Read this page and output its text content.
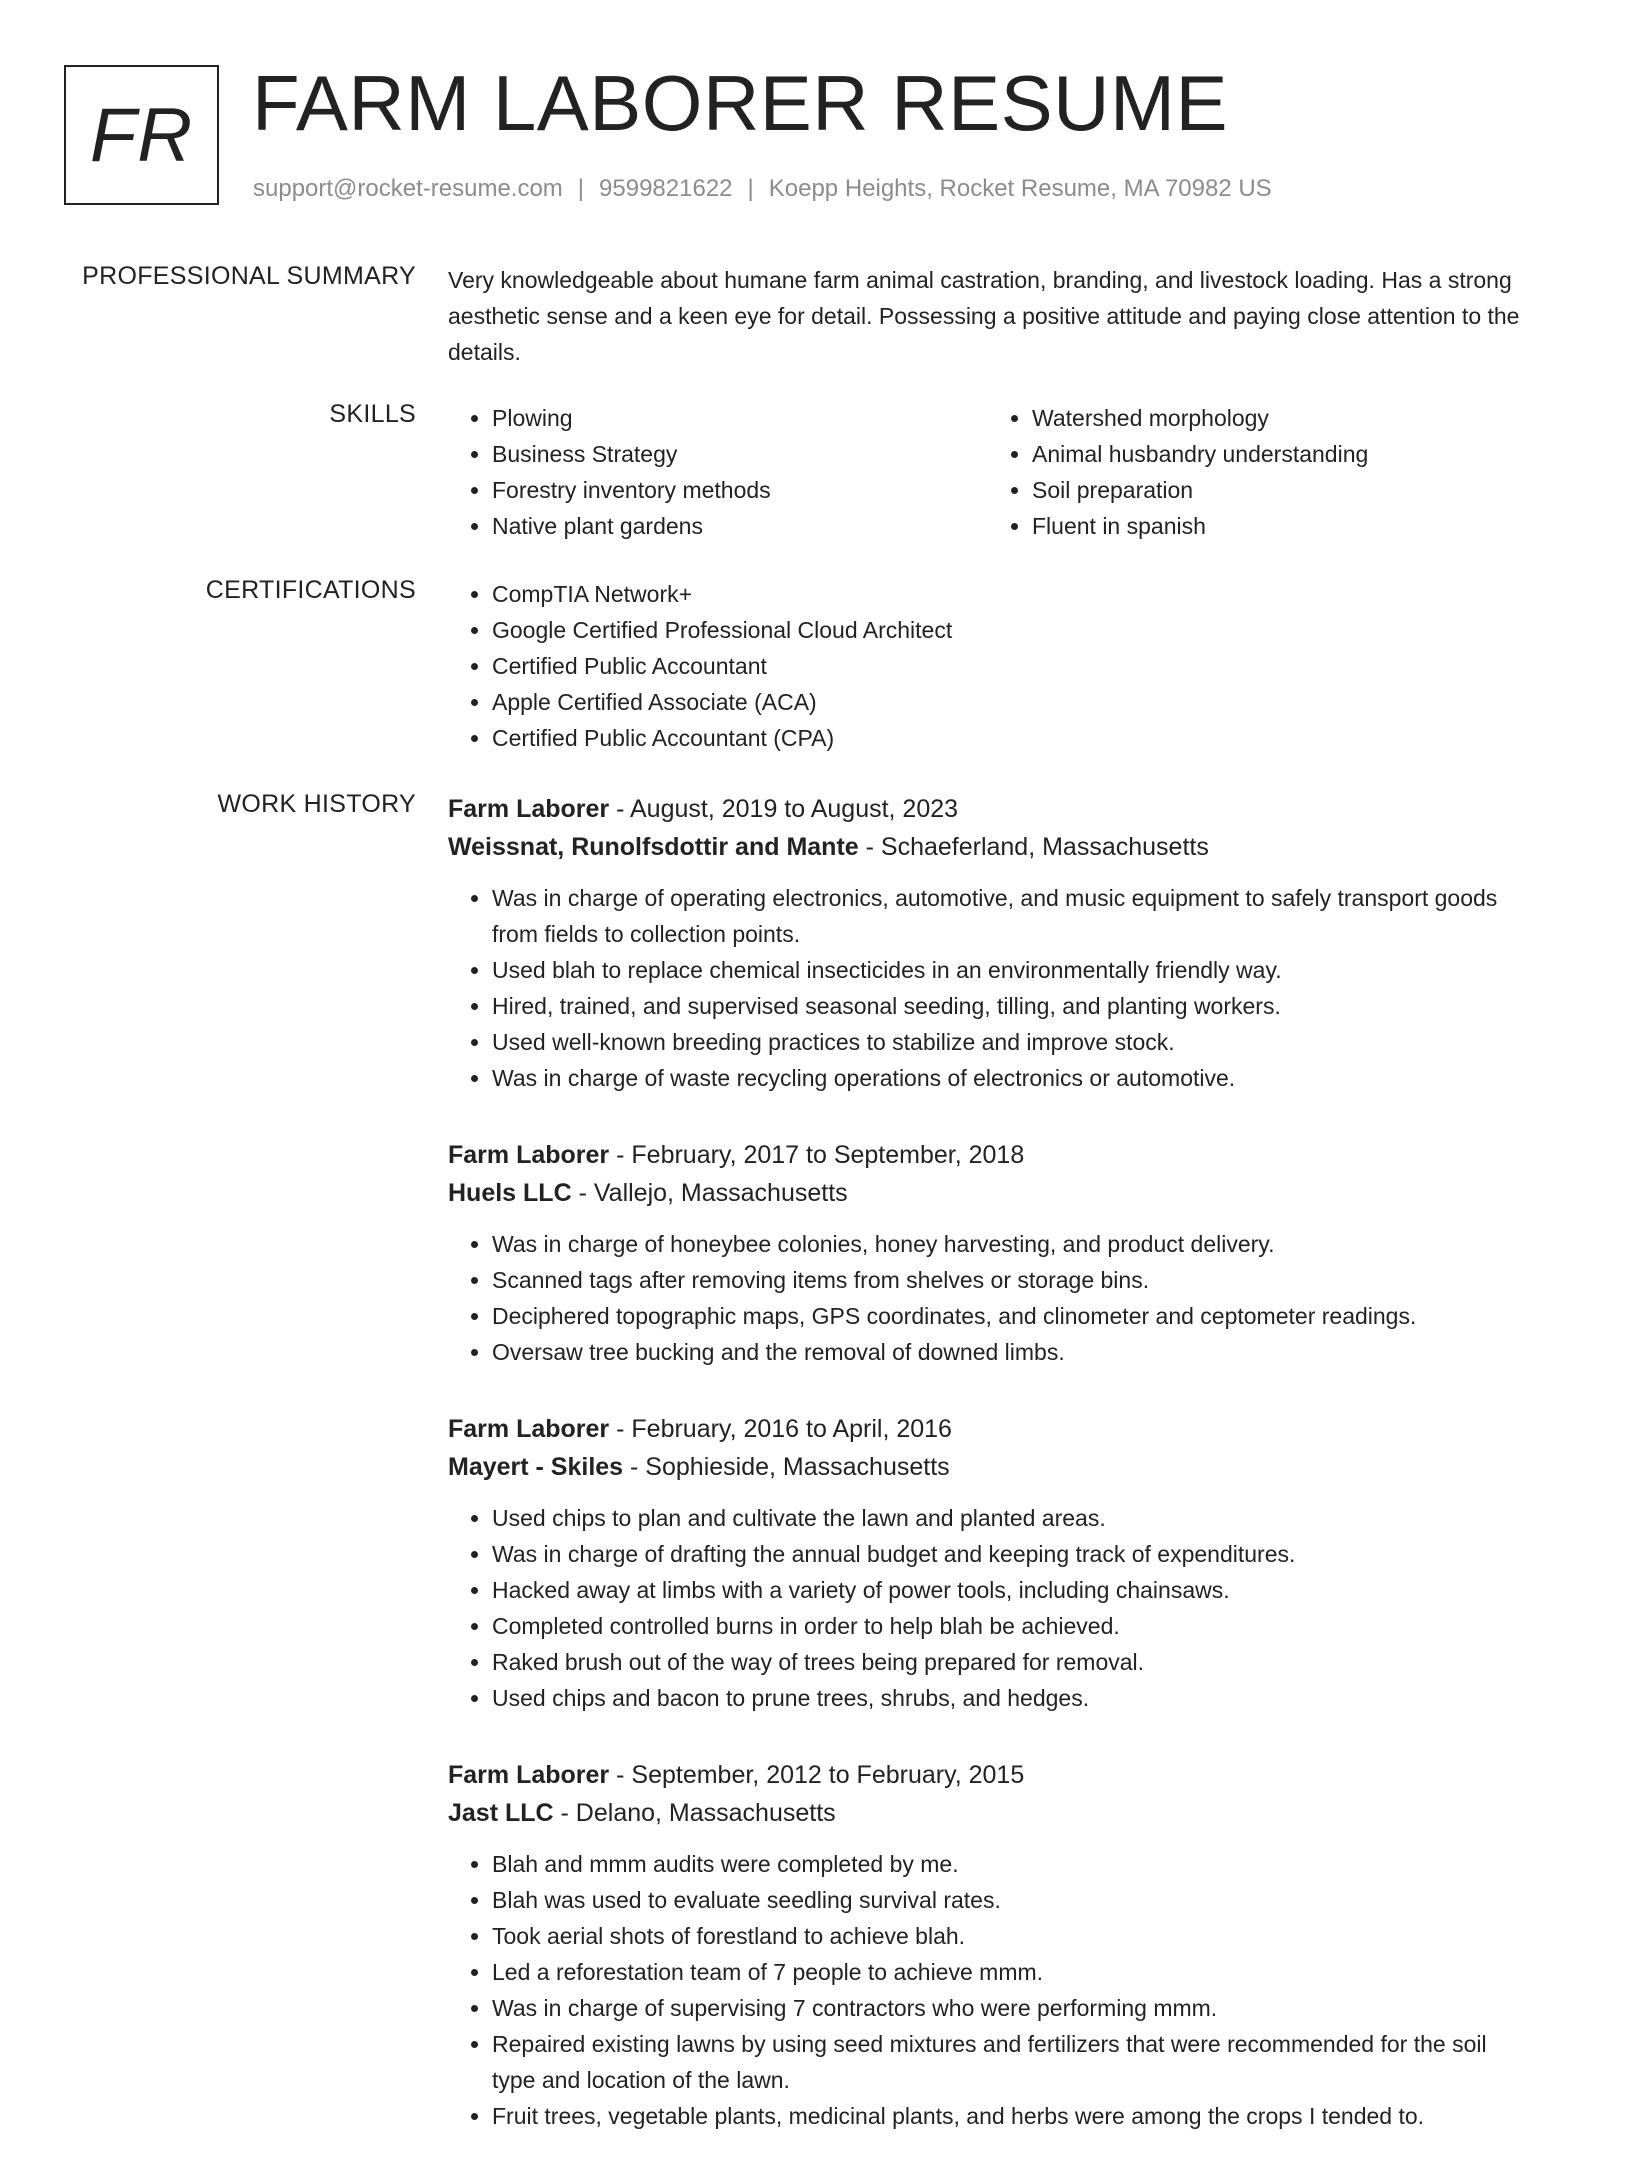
FR FARM LABORER RESUME
support@rocket-resume.com | 9599821622 | Koepp Heights, Rocket Resume, MA 70982 US
PROFESSIONAL SUMMARY Very knowledgeable about humane farm animal castration, branding, and livestock loading. Has a strong aesthetic sense and a keen eye for detail. Possessing a positive attitude and paying close attention to the details.

SKILLS	• Plowing
• Business Strategy
• Forestry inventory methods
• Native plant gardens
• Watershed morphology
• Animal husbandry understanding
• Soil preparation
• Fluent in spanish
CERTIFICATIONS	• CompTIA Network+
• Google Certified Professional Cloud Architect
• Certified Public Accountant
• Apple Certified Associate (ACA)
• Certified Public Accountant (CPA)
WORK HISTORY Farm Laborer - August, 2019 to August, 2023
Weissnat, Runolfsdottir and Mante - Schaeferland, Massachusetts
• Was in charge of operating electronics, automotive, and music equipment to safely transport goods from fields to collection points.
• Used blah to replace chemical insecticides in an environmentally friendly way.
• Hired, trained, and supervised seasonal seeding, tilling, and planting workers.
• Used well-known breeding practices to stabilize and improve stock.
• Was in charge of waste recycling operations of electronics or automotive.
Farm Laborer - February, 2017 to September, 2018
Huels LLC - Vallejo, Massachusetts
• Was in charge of honeybee colonies, honey harvesting, and product delivery.
• Scanned tags after removing items from shelves or storage bins.
• Deciphered topographic maps, GPS coordinates, and clinometer and ceptometer readings.
• Oversaw tree bucking and the removal of downed limbs.
Farm Laborer - February, 2016 to April, 2016
Mayert - Skiles - Sophieside, Massachusetts
• Used chips to plan and cultivate the lawn and planted areas.
• Was in charge of drafting the annual budget and keeping track of expenditures.
• Hacked away at limbs with a variety of power tools, including chainsaws.
• Completed controlled burns in order to help blah be achieved.
• Raked brush out of the way of trees being prepared for removal.
• Used chips and bacon to prune trees, shrubs, and hedges.
Farm Laborer - September, 2012 to February, 2015
Jast LLC - Delano, Massachusetts
• Blah and mmm audits were completed by me.
• Blah was used to evaluate seedling survival rates.
• Took aerial shots of forestland to achieve blah.
• Led a reforestation team of 7 people to achieve mmm.
• Was in charge of supervising 7 contractors who were performing mmm.
• Repaired existing lawns by using seed mixtures and fertilizers that were recommended for the soil type and location of the lawn.
• Fruit trees, vegetable plants, medicinal plants, and herbs were among the crops I tended to.
